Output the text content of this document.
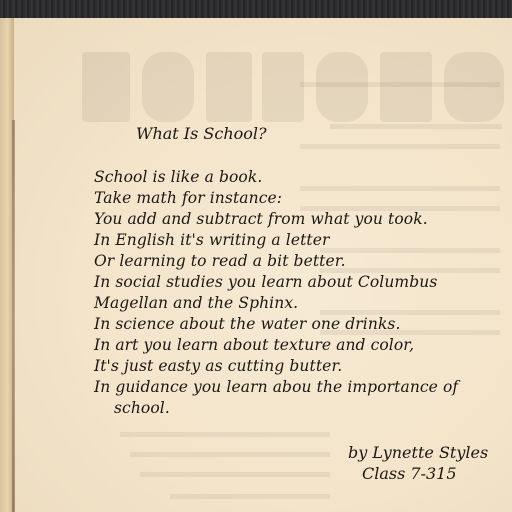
What Is School?
School is like a book.
Take math for instance:
You add and subtract from what you took.
In English it's writing a letter
Or learning to read a bit better.
In social studies you learn about Columbus
Magellan and the Sphinx.
In science about the water one drinks.
In art you learn about texture and color,
It's just easty as cutting butter.
In guidance you learn abou the importance of
school.
by Lynette Styles
Class 7-315
